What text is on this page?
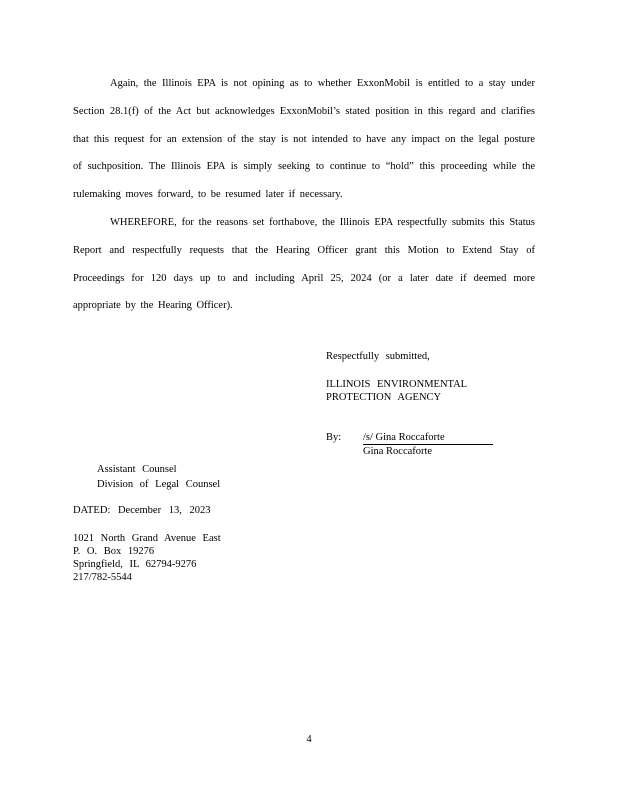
Again, the Illinois EPA is not opining as to whether ExxonMobil is entitled to a stay under Section 28.1(f) of the Act but acknowledges ExxonMobil’s stated position in this regard and clarifies that this request for an extension of the stay is not intended to have any impact on the legal posture of suchposition. The Illinois EPA is simply seeking to continue to “hold” this proceeding while the rulemaking moves forward, to be resumed later if necessary.

WHEREFORE, for the reasons set forthabove, the Illinois EPA respectfully submits this Status Report and respectfully requests that the Hearing Officer grant this Motion to Extend Stay of Proceedings for 120 days up to and including April 25, 2024 (or a later date if deemed more appropriate by the Hearing Officer).

Respectfully submitted,
ILLINOIS ENVIRONMENTAL
PROTECTION AGENCY
By:	/s/ Gina Roccaforte
Gina Roccaforte
Assistant Counsel
Division of Legal Counsel
DATED: December 13, 2023
1021 North Grand Avenue East
P. O. Box 19276
Springfield, IL 62794-9276
217/782-5544
4
